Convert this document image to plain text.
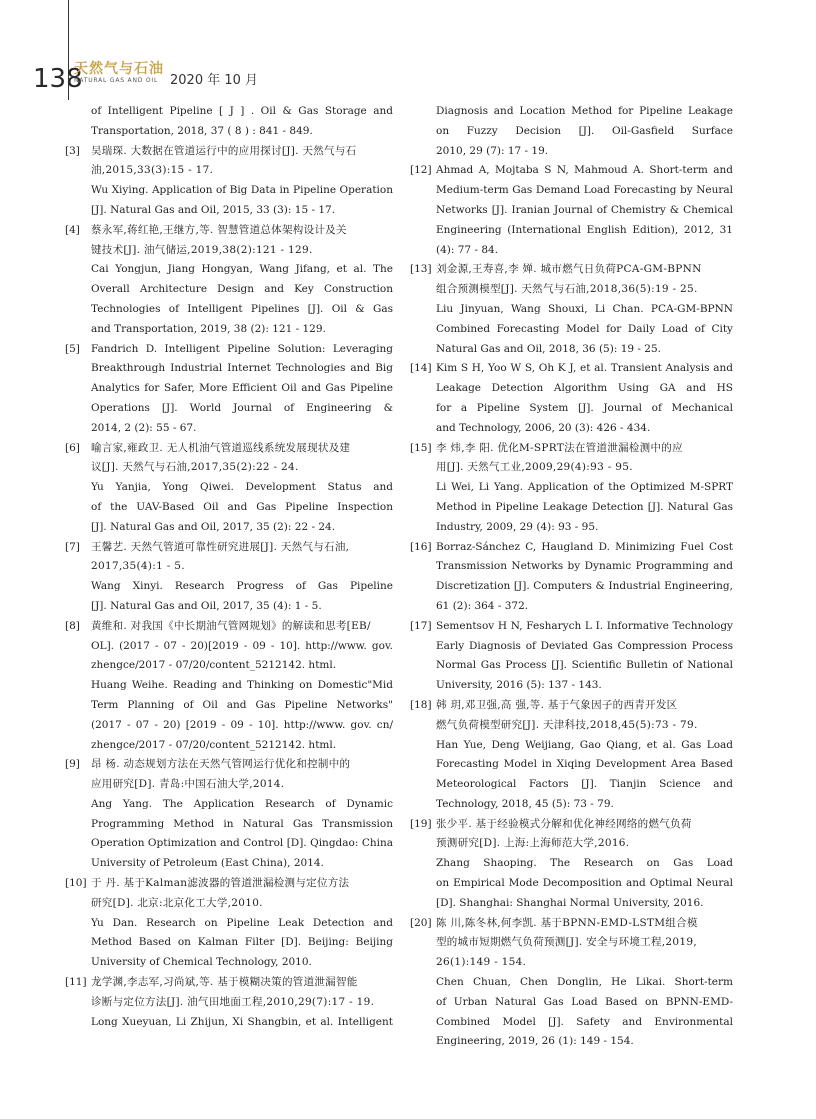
138
天然气与石油
NATURAL GAS AND OIL 2020 年 10 月
of Intelligent Pipeline [ J ] . Oil & Gas Storage and
Transportation, 2018, 37 ( 8 ) : 841 - 849.
[3]	吴瑞琛. 大数据在管道运行中的应用探讨[J]. 天然气与石
油,2015,33(3):15 - 17.
Wu Xiying. Application of Big Data in Pipeline Operation
[J]. Natural Gas and Oil, 2015, 33 (3): 15 - 17.
[4]	蔡永军,蒋红艳,王继方,等. 智慧管道总体架构设计及关
键技术[J]. 油气储运,2019,38(2):121 - 129.
Cai Yongjun, Jiang Hongyan, Wang Jifang, et al. The
Overall Architecture Design and Key Construction
Technologies of Intelligent Pipelines [J]. Oil & Gas
and Transportation, 2019, 38 (2): 121 - 129.
[5]	Fandrich D. Intelligent Pipeline Solution: Leveraging
Breakthrough Industrial Internet Technologies and Big
Analytics for Safer, More Efficient Oil and Gas Pipeline
Operations [J]. World Journal of Engineering &
2014, 2 (2): 55 - 67.
[6]	喻言家,雍政卫. 无人机油气管道巡线系统发展现状及建
议[J]. 天然气与石油,2017,35(2):22 - 24.
Yu Yanjia, Yong Qiwei. Development Status and
of the UAV-Based Oil and Gas Pipeline Inspection
[J]. Natural Gas and Oil, 2017, 35 (2): 22 - 24.
[7]	王馨艺. 天然气管道可靠性研究进展[J]. 天然气与石油,
2017,35(4):1 - 5.
Wang Xinyi. Research Progress of Gas Pipeline
[J]. Natural Gas and Oil, 2017, 35 (4): 1 - 5.
[8]	黄维和. 对我国《中长期油气管网规划》的解读和思考[EB/
OL]. (2017 - 07 - 20)[2019 - 09 - 10]. http://www. gov.
zhengce/2017 - 07/20/content_5212142. html.
Huang Weihe. Reading and Thinking on Domestic"Mid
Term Planning of Oil and Gas Pipeline Networks"
(2017 - 07 - 20) [2019 - 09 - 10]. http://www. gov. cn/
zhengce/2017 - 07/20/content_5212142. html.
[9]	昂 杨. 动态规划方法在天然气管网运行优化和控制中的
应用研究[D]. 青岛:中国石油大学,2014.
Ang Yang. The Application Research of Dynamic
Programming Method in Natural Gas Transmission
Operation Optimization and Control [D]. Qingdao: China
University of Petroleum (East China), 2014.
[10] 于 丹. 基于Kalman滤波器的管道泄漏检测与定位方法
研究[D]. 北京:北京化工大学,2010.
Yu Dan. Research on Pipeline Leak Detection and
Method Based on Kalman Filter [D]. Beijing: Beijing
University of Chemical Technology, 2010.
[11] 龙学渊,李志军,习尚斌,等. 基于模糊决策的管道泄漏智能
诊断与定位方法[J]. 油气田地面工程,2010,29(7):17 - 19.
Long Xueyuan, Li Zhijun, Xi Shangbin, et al. Intelligent
Diagnosis and Location Method for Pipeline Leakage
on Fuzzy Decision [J]. Oil-Gasfield Surface
2010, 29 (7): 17 - 19.
[12] Ahmad A, Mojtaba S N, Mahmoud A. Short-term and
Medium-term Gas Demand Load Forecasting by Neural
Networks [J]. Iranian Journal of Chemistry & Chemical
Engineering (International English Edition), 2012, 31
(4): 77 - 84.
[13] 刘金源,王寿喜,李 婵. 城市燃气日负荷PCA-GM-BPNN
组合预测模型[J]. 天然气与石油,2018,36(5):19 - 25.
Liu Jinyuan, Wang Shouxi, Li Chan. PCA-GM-BPNN
Combined Forecasting Model for Daily Load of City
Natural Gas and Oil, 2018, 36 (5): 19 - 25.
[14] Kim S H, Yoo W S, Oh K J, et al. Transient Analysis and
Leakage Detection Algorithm Using GA and HS
for a Pipeline System [J]. Journal of Mechanical
and Technology, 2006, 20 (3): 426 - 434.
[15] 李 炜,李 阳. 优化M-SPRT法在管道泄漏检测中的应
用[J]. 天然气工业,2009,29(4):93 - 95.
Li Wei, Li Yang. Application of the Optimized M-SPRT
Method in Pipeline Leakage Detection [J]. Natural Gas
Industry, 2009, 29 (4): 93 - 95.
[16] Borraz-Sánchez C, Haugland D. Minimizing Fuel Cost
Transmission Networks by Dynamic Programming and
Discretization [J]. Computers & Industrial Engineering,
61 (2): 364 - 372.
[17] Sementsov H N, Fesharych L I. Informative Technology
Early Diagnosis of Deviated Gas Compression Process
Normal Gas Process [J]. Scientific Bulletin of National
University, 2016 (5): 137 - 143.
[18] 韩 玥,邓卫强,高 强,等. 基于气象因子的西青开发区
燃气负荷模型研究[J]. 天津科技,2018,45(5):73 - 79.
Han Yue, Deng Weijiang, Gao Qiang, et al. Gas Load
Forecasting Model in Xiqing Development Area Based
Meteorological Factors [J]. Tianjin Science and
Technology, 2018, 45 (5): 73 - 79.
[19] 张少平. 基于经验模式分解和优化神经网络的燃气负荷
预测研究[D]. 上海:上海师范大学,2016.
Zhang Shaoping. The Research on Gas Load
on Empirical Mode Decomposition and Optimal Neural
[D]. Shanghai: Shanghai Normal University, 2016.
[20] 陈 川,陈冬林,何李凯. 基于BPNN-EMD-LSTM组合模
型的城市短期燃气负荷预测[J]. 安全与环境工程,2019,
26(1):149 - 154.
Chen Chuan, Chen Donglin, He Likai. Short-term
of Urban Natural Gas Load Based on BPNN-EMD-
Combined Model [J]. Safety and Environmental
Engineering, 2019, 26 (1): 149 - 154.
